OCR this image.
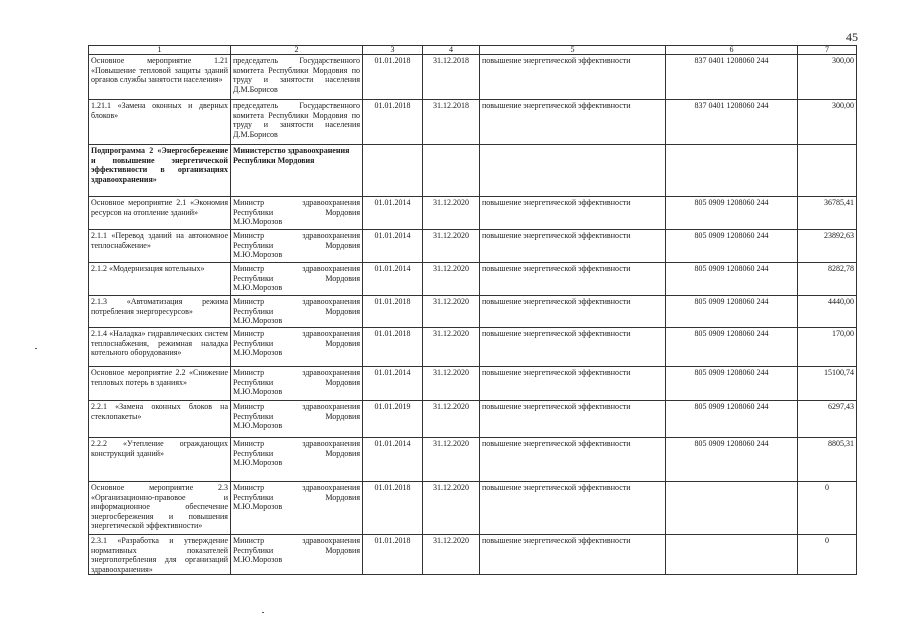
45
1	2	3	4	5	6	7
Основное мероприятие 1.21 «Повышение тепловой защиты зданий органов службы занятости населения»	председатель Государственного комитета Республики Мордовия по труду и занятости населения Д.М.Борисов	01.01.2018	31.12.2018	повышение энергетической эффективности	837 0401 1208060 244	300,00
1.21.1 «Замена оконных и дверных блоков»	председатель Государственного комитета Республики Мордовия по труду и занятости населения Д.М.Борисов	01.01.2018	31.12.2018	повышение энергетической эффективности	837 0401 1208060 244	300,00
Подпрограмма 2 «Энергосбережение и повышение энергетической эффективности в организациях здравоохранения»	Министерство здравоохранения Республики Мордовия					
Основное мероприятие 2.1 «Экономия ресурсов на отопление зданий»	Министр здравоохранения Республики Мордовия М.Ю.Морозов	01.01.2014	31.12.2020	повышение энергетической эффективности	805 0909 1208060 244	36785,41
2.1.1 «Перевод зданий на автономное теплоснабжение»	Министр здравоохранения Республики Мордовия М.Ю.Морозов	01.01.2014	31.12.2020	повышение энергетической эффективности	805 0909 1208060 244	23892,63
2.1.2 «Модернизация котельных»	Министр здравоохранения Республики Мордовия М.Ю.Морозов	01.01.2014	31.12.2020	повышение энергетической эффективности	805 0909 1208060 244	8282,78
2.1.3 «Автоматизация режима потребления энергоресурсов»	Министр здравоохранения Республики Мордовия М.Ю.Морозов	01.01.2018	31.12.2020	повышение энергетической эффективности	805 0909 1208060 244	4440,00
2.1.4 «Наладка» гидравлических систем теплоснабжения, режимная наладка котельного оборудования»	Министр здравоохранения Республики Мордовия М.Ю.Морозов	01.01.2018	31.12.2020	повышение энергетической эффективности	805 0909 1208060 244	170,00
Основное мероприятие 2.2 «Снижение тепловых потерь в зданиях»	Министр здравоохранения Республики Мордовия М.Ю.Морозов	01.01.2014	31.12.2020	повышение энергетической эффективности	805 0909 1208060 244	15100,74
2.2.1 «Замена оконных блоков на стеклопакеты»	Министр здравоохранения Республики Мордовия М.Ю.Морозов	01.01.2019	31.12.2020	повышение энергетической эффективности	805 0909 1208060 244	6297,43
2.2.2 «Утепление ограждающих конструкций зданий»	Министр здравоохранения Республики Мордовия М.Ю.Морозов	01.01.2014	31.12.2020	повышение энергетической эффективности	805 0909 1208060 244	8805,31
Основное мероприятие 2.3 «Организационно-правовое и информационное обеспечение энергосбережения и повышения энергетической эффективности»	Министр здравоохранения Республики Мордовия М.Ю.Морозов	01.01.2018	31.12.2020	повышение энергетической эффективности		0
2.3.1 «Разработка и утверждение нормативных показателей энергопотребления для организаций здравоохранения»	Министр здравоохранения Республики Мордовия М.Ю.Морозов	01.01.2018	31.12.2020	повышение энергетической эффективности		0
